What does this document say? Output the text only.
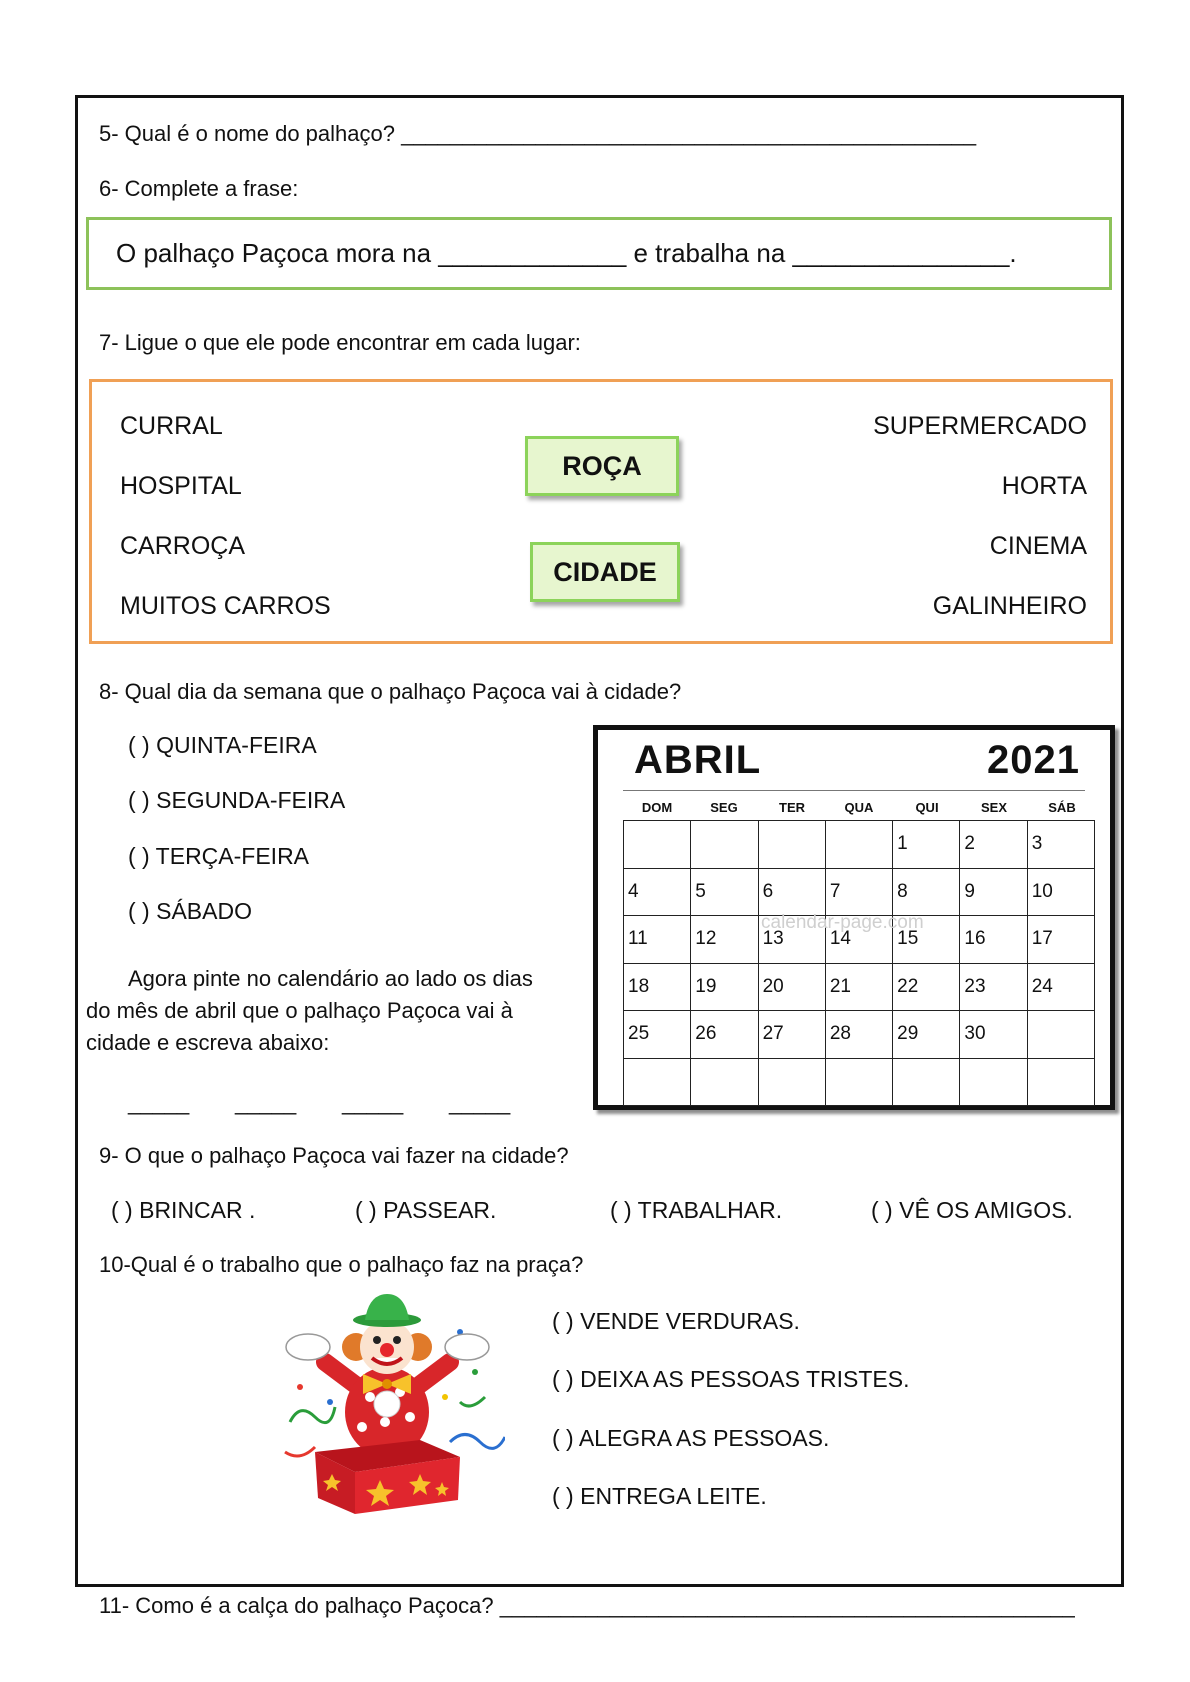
5- Qual é o nome do palhaço? _______________________________________________
6- Complete a frase:
O palhaço Paçoca mora na _____________ e trabalha na _______________.
7- Ligue o que ele pode encontrar em cada lugar:
CURRAL
HOSPITAL
CARROÇA
MUITOS CARROS
SUPERMERCADO
HORTA
CINEMA
GALINHEIRO
ROÇA
CIDADE
8- Qual dia da semana que o palhaço Paçoca vai à cidade?
( ) QUINTA-FEIRA
( ) SEGUNDA-FEIRA
( ) TERÇA-FEIRA
( ) SÁBADO
Agora pinte no calendário ao lado os dias
do mês de abril que o palhaço Paçoca vai à
cidade e escreva abaixo:
_____ _____ _____ _____
ABRIL	2021
DOM	SEG	TER	QUA	QUI	SEX	SÁB
				1	2	3
4	5	6	7	8	9	10
11	12	13	14	15	16	17
18	19	20	21	22	23	24
25	26	27	28	29	30	

calendar-page.com
9- O que o palhaço Paçoca vai fazer na cidade?
( ) BRINCAR .	( ) PASSEAR.	( ) TRABALHAR.	( ) VÊ OS AMIGOS.
10-Qual é o trabalho que o palhaço faz na praça?
( ) VENDE VERDURAS.
( ) DEIXA AS PESSOAS TRISTES.
( ) ALEGRA AS PESSOAS.
( ) ENTREGA LEITE.
11- Como é a calça do palhaço Paçoca? _______________________________________________
